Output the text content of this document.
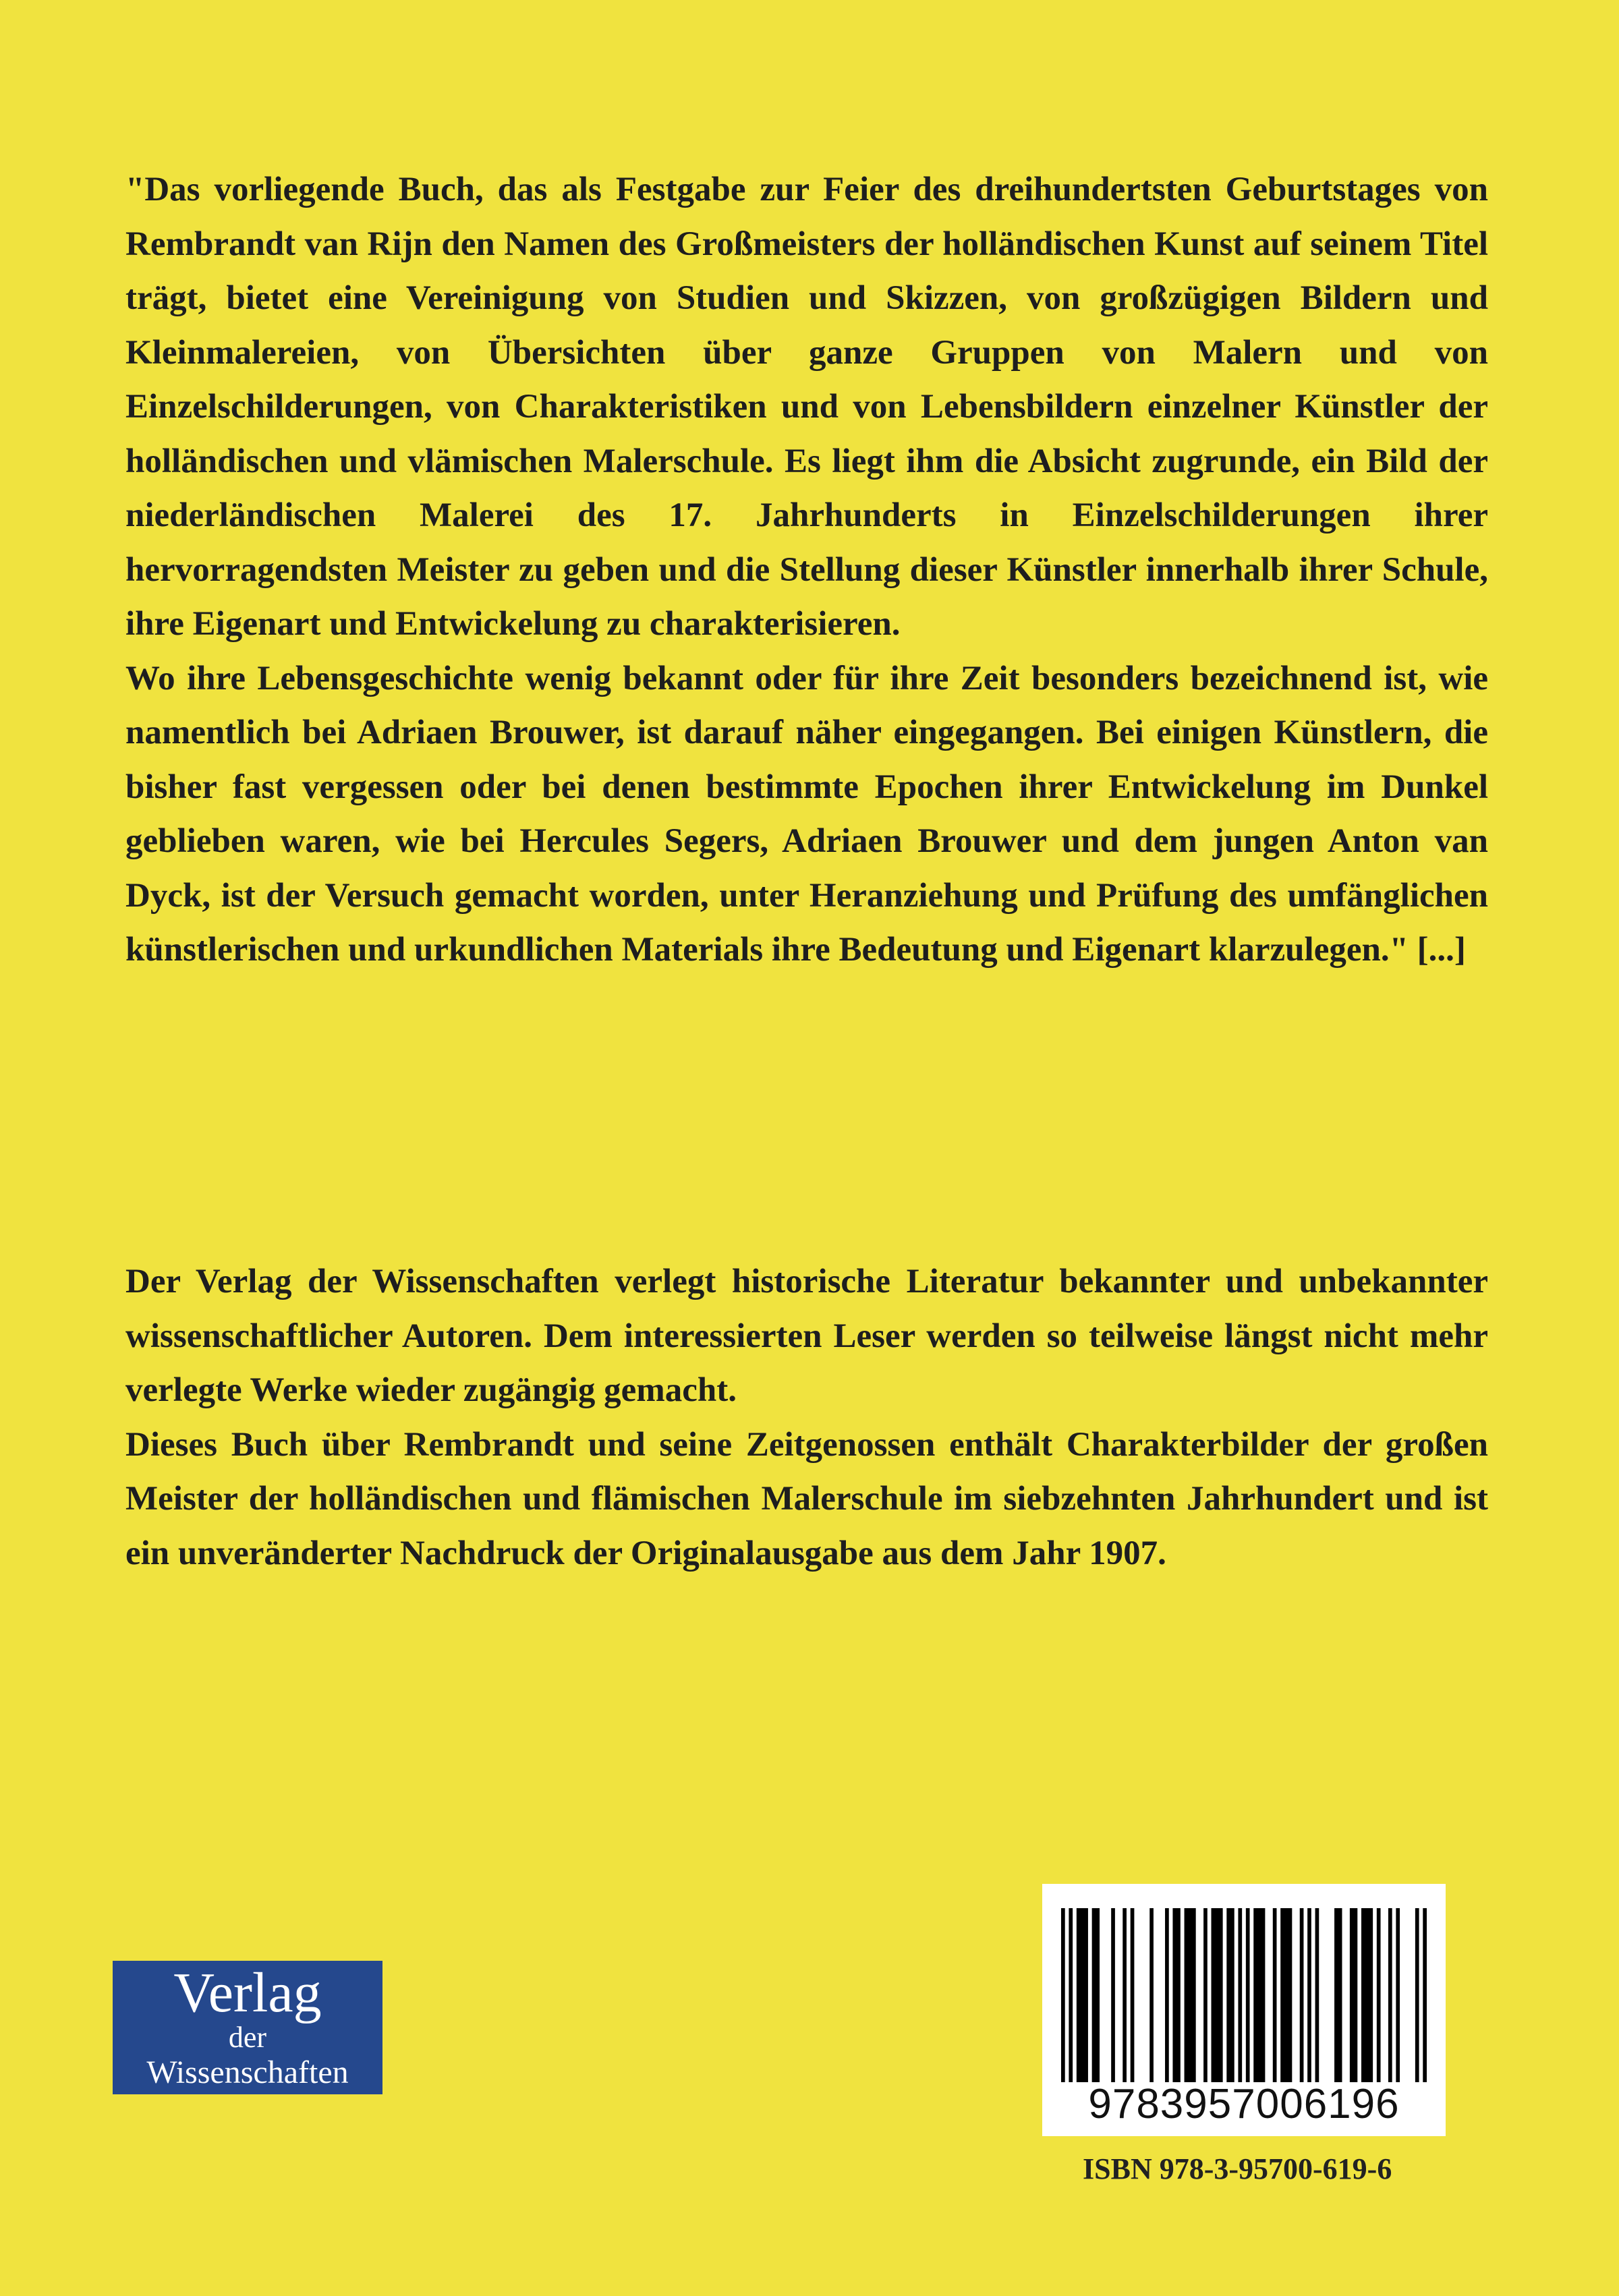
"Das vorliegende Buch, das als Festgabe zur Feier des dreihundertsten Geburtstages von Rembrandt van Rijn den Namen des Großmeisters der holländischen Kunst auf seinem Titel trägt, bietet eine Vereinigung von Studien und Skizzen, von großzügigen Bildern und Kleinmalereien, von Übersichten über ganze Gruppen von Malern und von Einzelschilderungen, von Charakteristiken und von Lebensbildern einzelner Künstler der holländischen und vlämischen Malerschule. Es liegt ihm die Absicht zugrunde, ein Bild der niederländischen Malerei des 17. Jahrhunderts in Einzelschilderungen ihrer hervorragendsten Meister zu geben und die Stellung dieser Künstler innerhalb ihrer Schule, ihre Eigenart und Entwickelung zu charakterisieren.

Wo ihre Lebensgeschichte wenig bekannt oder für ihre Zeit besonders bezeichnend ist, wie namentlich bei Adriaen Brouwer, ist darauf näher eingegangen. Bei einigen Künstlern, die bisher fast vergessen oder bei denen bestimmte Epochen ihrer Entwickelung im Dunkel geblieben waren, wie bei Hercules Segers, Adriaen Brouwer und dem jungen Anton van Dyck, ist der Versuch gemacht worden, unter Heranziehung und Prüfung des umfänglichen künstlerischen und urkundlichen Materials ihre Bedeutung und Eigenart klarzulegen." [...]

Der Verlag der Wissenschaften verlegt historische Literatur bekannter und unbekannter wissenschaftlicher Autoren. Dem interessierten Leser werden so teilweise längst nicht mehr verlegte Werke wieder zugängig gemacht.

Dieses Buch über Rembrandt und seine Zeitgenossen enthält Charakterbilder der großen Meister der holländischen und flämischen Malerschule im siebzehnten Jahrhundert und ist ein unveränderter Nachdruck der Originalausgabe aus dem Jahr 1907.

Verlag
der
Wissenschaften
9783957006196
ISBN 978-3-95700-619-6
